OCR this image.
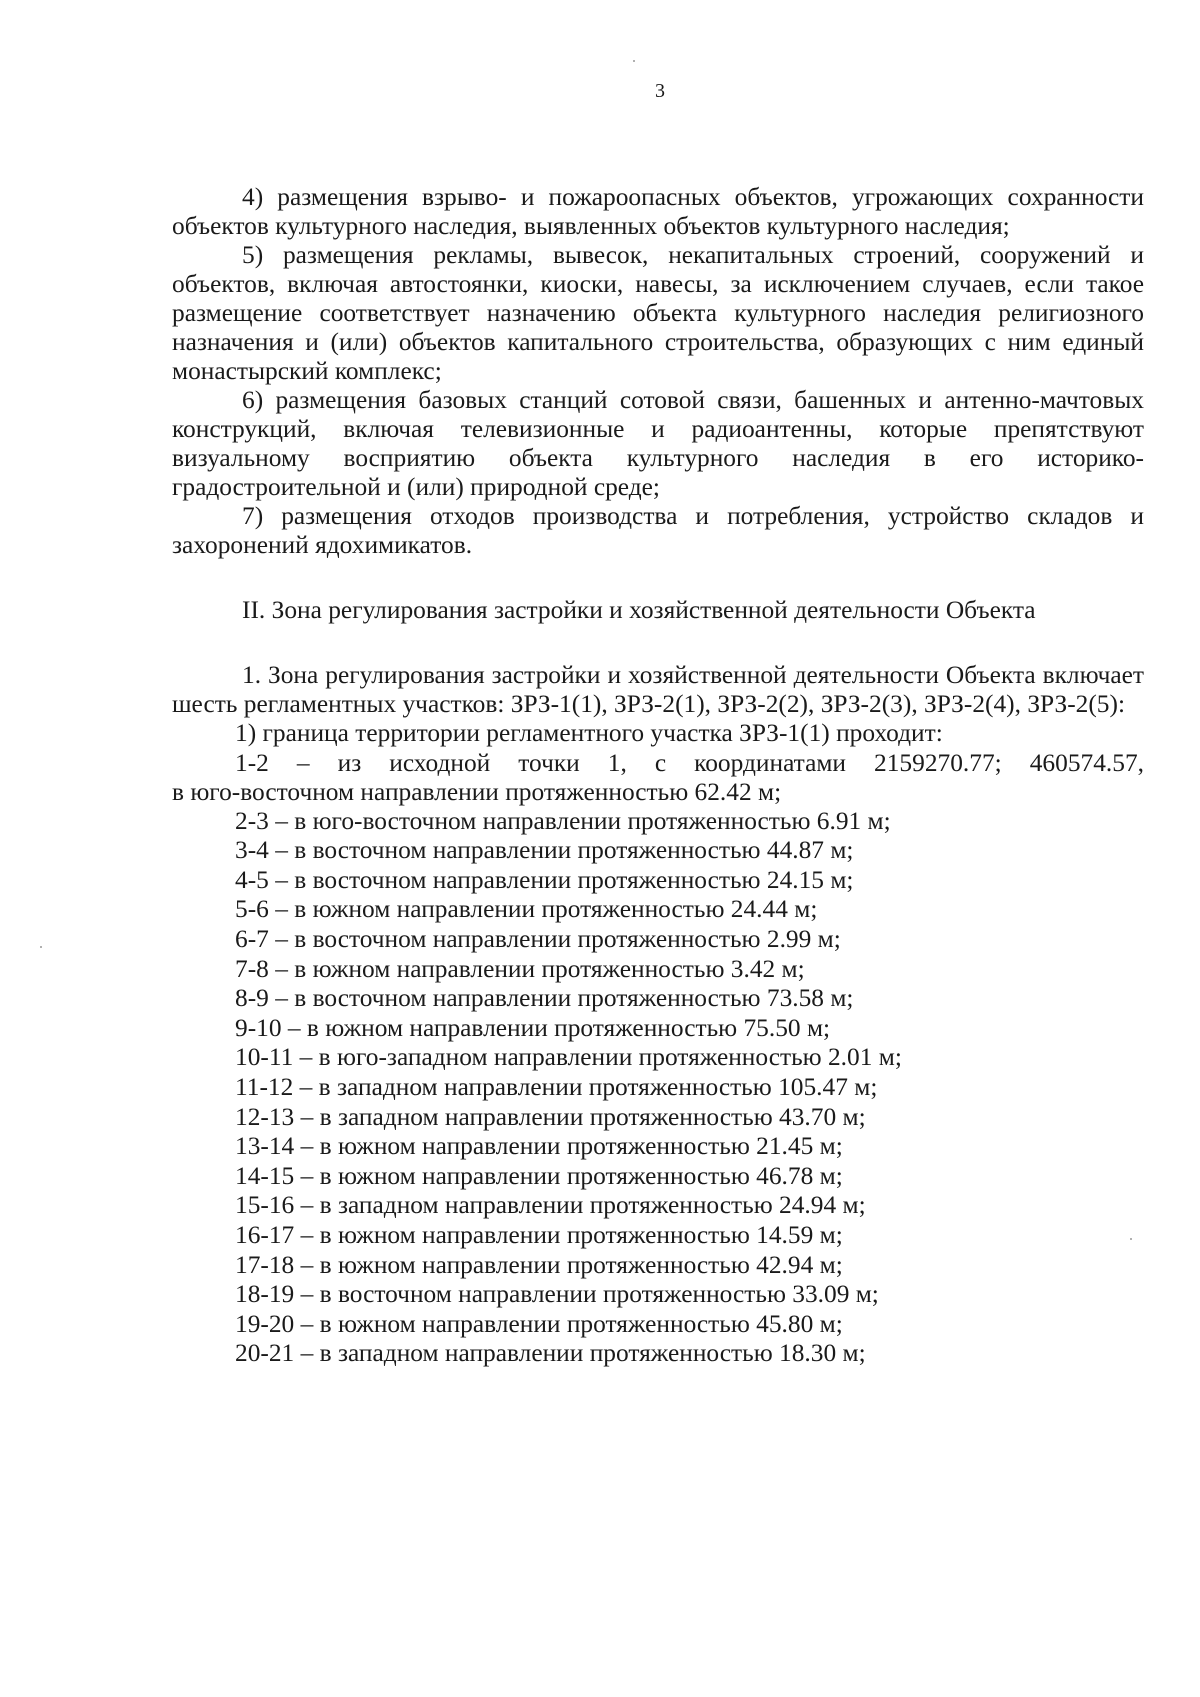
3

4) размещения взрыво- и пожароопасных объектов, угрожающих сохранности объектов культурного наследия, выявленных объектов культурного наследия;

5) размещения рекламы, вывесок, некапитальных строений, сооружений и объектов, включая автостоянки, киоски, навесы, за исключением случаев, если такое размещение соответствует назначению объекта культурного наследия религиозного назначения и (или) объектов капитального строительства, образующих с ним единый монастырский комплекс;

6) размещения базовых станций сотовой связи, башенных и антенно-мачтовых конструкций, включая телевизионные и радиоантенны, которые препятствуют визуальному восприятию объекта культурного наследия в его историко- градостроительной и (или) природной среде;

7) размещения отходов производства и потребления, устройство складов и захоронений ядохимикатов.

II. Зона регулирования застройки и хозяйственной деятельности Объекта

1. Зона регулирования застройки и хозяйственной деятельности Объекта включает шесть регламентных участков: ЗРЗ-1(1), ЗРЗ-2(1), ЗРЗ-2(2), ЗРЗ-2(3), ЗРЗ-2(4), ЗРЗ-2(5):

1) граница территории регламентного участка ЗРЗ-1(1) проходит:

1-2 – из исходной точки 1, с координатами 2159270.77; 460574.57,

в юго-восточном направлении протяженностью 62.42 м;

2-3 – в юго-восточном направлении протяженностью 6.91 м;

3-4 – в восточном направлении протяженностью 44.87 м;

4-5 – в восточном направлении протяженностью 24.15 м;

5-6 – в южном направлении протяженностью 24.44 м;

6-7 – в восточном направлении протяженностью 2.99 м;

7-8 – в южном направлении протяженностью 3.42 м;

8-9 – в восточном направлении протяженностью 73.58 м;

9-10 – в южном направлении протяженностью 75.50 м;

10-11 – в юго-западном направлении протяженностью 2.01 м;

11-12 – в западном направлении протяженностью 105.47 м;

12-13 – в западном направлении протяженностью 43.70 м;

13-14 – в южном направлении протяженностью 21.45 м;

14-15 – в южном направлении протяженностью 46.78 м;

15-16 – в западном направлении протяженностью 24.94 м;

16-17 – в южном направлении протяженностью 14.59 м;

17-18 – в южном направлении протяженностью 42.94 м;

18-19 – в восточном направлении протяженностью 33.09 м;

19-20 – в южном направлении протяженностью 45.80 м;

20-21 – в западном направлении протяженностью 18.30 м;
